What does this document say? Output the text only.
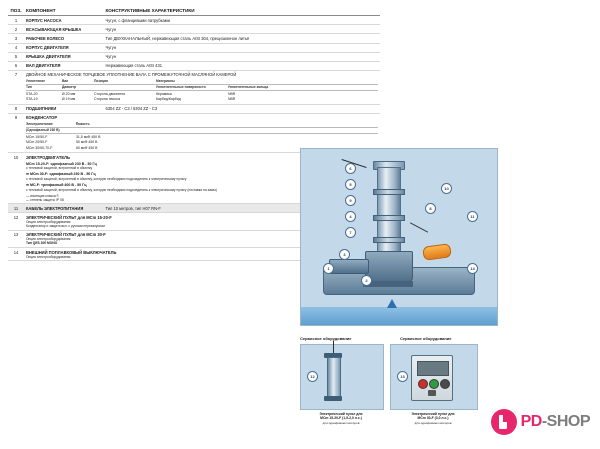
ПОЗ.	КОМПОНЕНТ	КОНСТРУКТИВНЫЕ ХАРАКТЕРИСТИКИ
1	КОРПУС НАСОСА	Чугун, с фланцевыми патрубками
2	ВСАСЫВАЮЩАЯ КРЫШКА	Чугун
3	РАБОЧЕЕ КОЛЕСО	Тип ДВУХКАНАЛЬНЫЙ, нержавеющая сталь AISI 304, прецизионное литьё
4	КОРПУС ДВИГАТЕЛЯ	Чугун
5	КРЫШКА ДВИГАТЕЛЯ	Чугун
6	ВАЛ ДВИГАТЕЛЯ	Нержавеющая сталь AISI 431
7	ДВОЙНОЕ МЕХАНИЧЕСКОЕ ТОРЦЕВОЕ УПЛОТНЕНИЕ ВАЛА С ПРОМЕЖУТОЧНОЙ МАСЛЯНОЙ КАМЕРОЙ
Уплотнение	Вал	Позиция	Материалы	
Тип	Диаметр		Уплотнительные поверхности	Уплотнительные кольца
STA-20	Ø 20 мм	Сторона двигателя	Керамика	NBR
STA-19	Ø 19 мм	Сторона насоса	Карбид/Карбид	NBR

8	ПОДШИПНИКИ	6304 ZZ - C3 / 6304 ZZ - C3
9	КОНДЕНСАТОР
Электропитание	Ёмкость
(Однофазный 230 В)	
MCm 15/50-F	31,5 мкФ 450 В
MCm 20/50-F	50 мкФ 450 В
MCm 30/50-70-F	60 мкФ 450 В

10	ЭЛЕКТРОДВИГАТЕЛЬ
MCm 15-20-F: однофазный 230 В - 50 Гц
с тепловой защитой, встроенной в обмотку
➡ MCm 30-F: однофазный 230 В - 50 Гц
с тепловой защитой, встроенной в обмотку, которую необходимо подсоединять к электрическому пульту
➡ MC-F: трехфазный 400 В - 50 Гц
с тепловой защитой, встроенной в обмотку, которую необходимо подсоединять к электрическому пульту (поставка на заказ)
— изоляция класса F,
— степень защиты IP X8

11	КАБЕЛЬ ЭЛЕКТРОПИТАНИЯ	Тип 10 метров, тип H07 RN-F
12	ЭЛЕКТРИЧЕСКИЙ ПУЛЬТ для MCm 15-20-F
Опция электрооборудования
Конденсатор и защита вкл. с ручным перезапуском

13	ЭЛЕКТРИЧЕСКИЙ ПУЛЬТ для MCm 30-F
Опция электрооборудования
Тип QES 300 MONO

14	ВНЕШНИЙ ПОПЛАВКОВЫЙ ВЫКЛЮЧАТЕЛЬ
Опция электрооборудования
6
5
9
4
7
3
1
2
8
10
11
14
Сервисное оборудование	Сервисное оборудование
12	13
Электрический пульт для
MCm 15-20-F (1,5-2,0 л.с.)
для однофазных моторов
Электрический пульт для
MCm 30-F (3,0 л.с.)
для однофазных моторов	PD-SHOP
